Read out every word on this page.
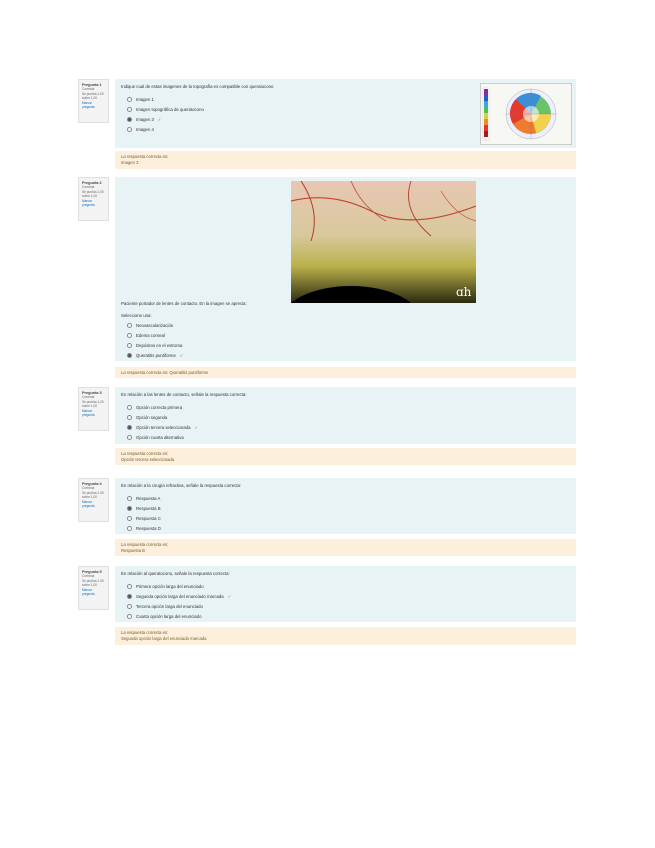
Pregunta 1
Correcta
Se puntúa 1,00 sobre 1,00
Marcar pregunta
Indique cual de estas imagenes de la topografía es compatible con queratocono
Imagen 1
Imagen topográfica de queratocono
Imagen 3 ✓
Imagen 4
La respuesta correcta es:
Imagen 3
Pregunta 2
Correcta
Se puntúa 1,00 sobre 1,00
Marcar pregunta
ɑh
Paciente portador de lentes de contacto. En la imagen se aprecia:
Seleccione una:
Neovascularización
Edema corneal
Depósitos en el estroma
Queratitis puntiforme ✓
La respuesta correcta es: Queratitis puntiforme
Pregunta 3
Correcta
Se puntúa 1,00 sobre 1,00
Marcar pregunta
En relación a las lentes de contacto, señale la respuesta correcta:
Opción correcta primera
Opción segunda
Opción tercera seleccionada ✓
Opción cuarta alternativa
La respuesta correcta es:
Opción tercera seleccionada
Pregunta 4
Correcta
Se puntúa 1,00 sobre 1,00
Marcar pregunta
En relación a la cirugía refractiva, señale la respuesta correcta:
Respuesta A
Respuesta B
Respuesta C
Respuesta D
La respuesta correcta es:
Respuesta B
Pregunta 5
Correcta
Se puntúa 1,00 sobre 1,00
Marcar pregunta
En relación al queratocono, señale la respuesta correcta:
Primera opción larga del enunciado
Segunda opción larga del enunciado marcada ✓
Tercera opción larga del enunciado
Cuarta opción larga del enunciado
La respuesta correcta es:
Segunda opción larga del enunciado marcada
